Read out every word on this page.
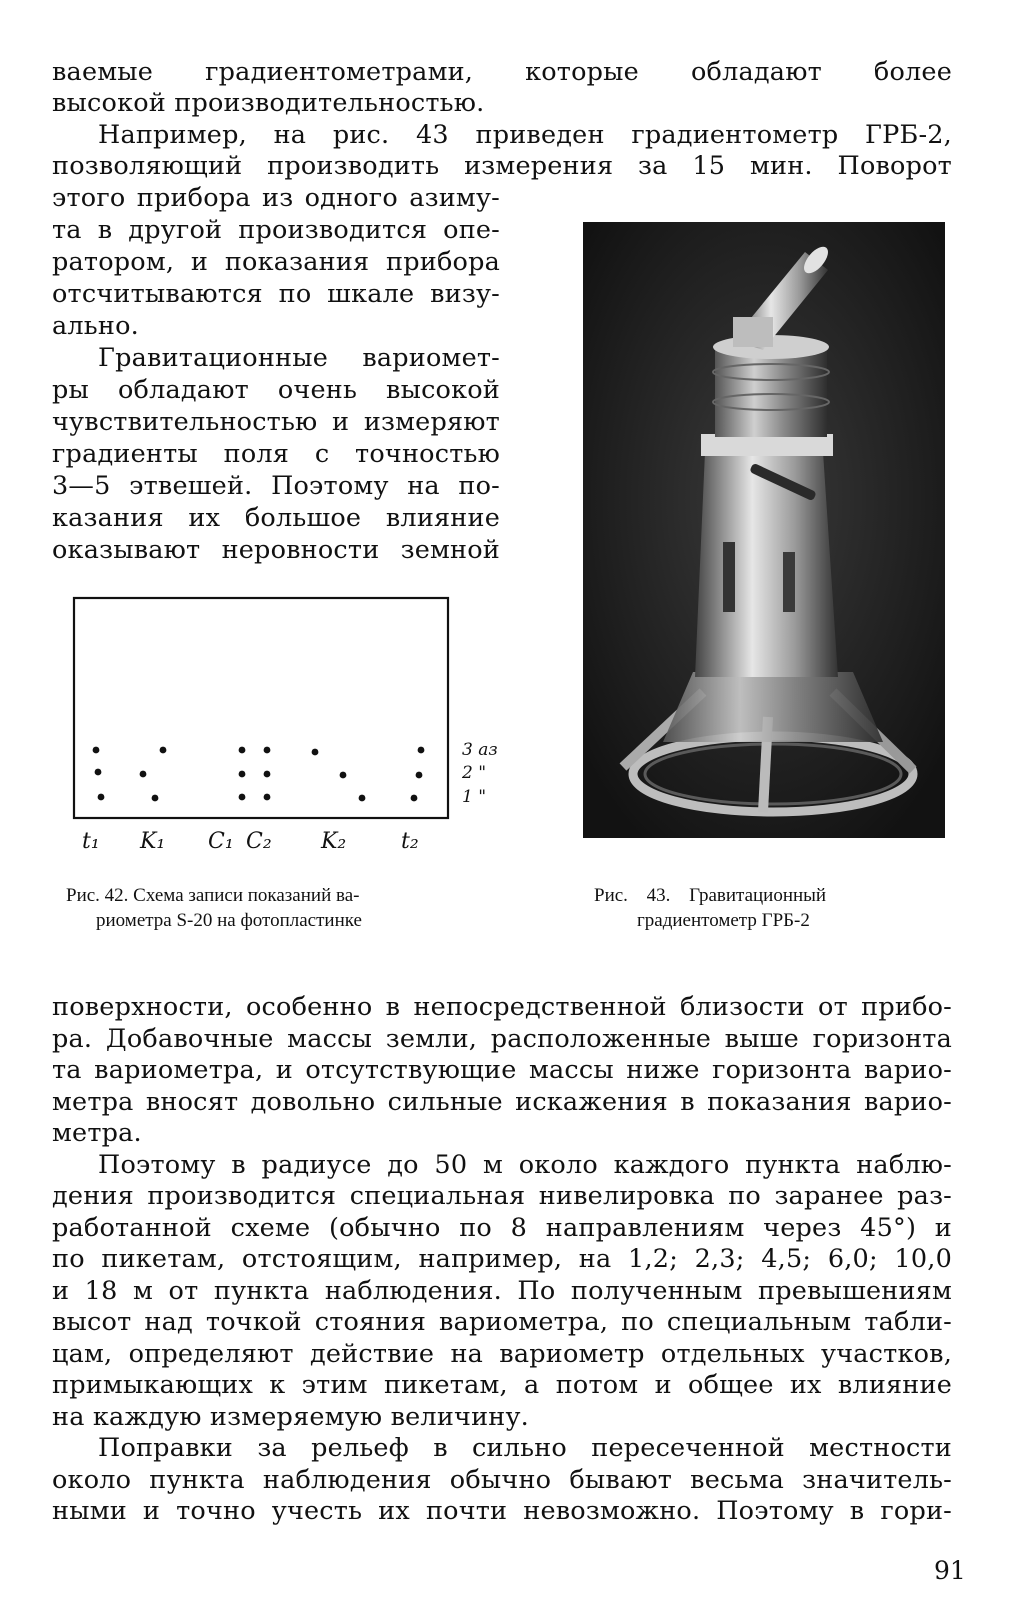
ваемые градиентометрами, которые обладают более
высокой производительностью.
Например, на рис. 43 приведен градиентометр ГРБ-2,
позволяющий производить измерения за 15 мин. Поворот
этого прибора из одного азиму-
та в другой производится опе-
ратором, и показания прибора
отсчитываются по шкале визу-
ально.
Гравитационные вариомет-
ры обладают очень высокой
чувствительностью и измеряют
градиенты поля с точностью
3—5 этвешей. Поэтому на по-
казания их большое влияние
оказывают неровности земной
3 аз
2 "
1 "
t₁ K₁ C₁ C₂ K₂ t₂
Рис. 42. Схема записи показаний ва-
риометра S-20 на фотопластинке
Рис. 43. Гравитационный
градиентометр ГРБ-2
поверхности, особенно в непосредственной близости от прибо-
ра. Добавочные массы земли, расположенные выше горизонта
та вариометра, и отсутствующие массы ниже горизонта варио-
метра вносят довольно сильные искажения в показания варио-
метра.
Поэтому в радиусе до 50 м около каждого пункта наблю-
дения производится специальная нивелировка по заранее раз-
работанной схеме (обычно по 8 направлениям через 45°) и
по пикетам, отстоящим, например, на 1,2; 2,3; 4,5; 6,0; 10,0
и 18 м от пункта наблюдения. По полученным превышениям
высот над точкой стояния вариометра, по специальным табли-
цам, определяют действие на вариометр отдельных участков,
примыкающих к этим пикетам, а потом и общее их влияние
на каждую измеряемую величину.
Поправки за рельеф в сильно пересеченной местности
около пункта наблюдения обычно бывают весьма значитель-
ными и точно учесть их почти невозможно. Поэтому в гори-
91
